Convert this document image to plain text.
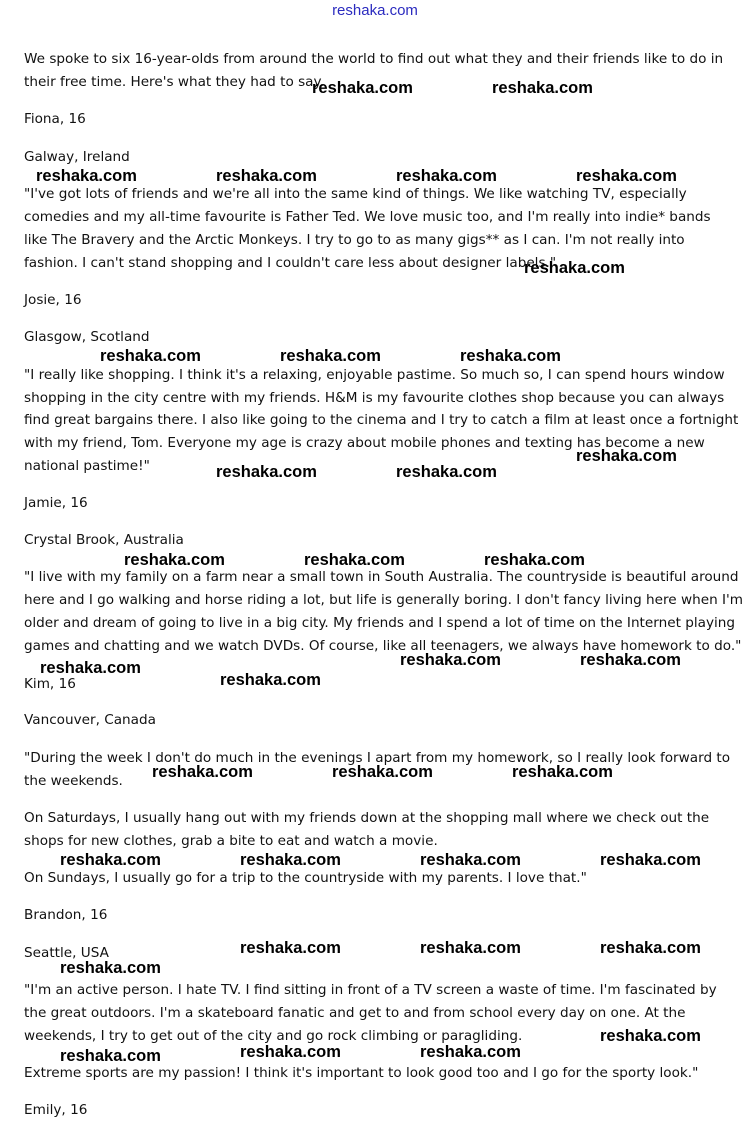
reshaka.com
We spoke to six 16-year-olds from around the world to find out what they and their friends like to do in
their free time. Here's what they had to say.
Fiona, 16
Galway, Ireland
"I've got lots of friends and we're all into the same kind of things. We like watching TV, especially
comedies and my all-time favourite is Father Ted. We love music too, and I'm really into indie* bands
like The Bravery and the Arctic Monkeys. I try to go to as many gigs** as I can. I'm not really into
fashion. I can't stand shopping and I couldn't care less about designer labels."
Josie, 16
Glasgow, Scotland
"I really like shopping. I think it's a relaxing, enjoyable pastime. So much so, I can spend hours window
shopping in the city centre with my friends. H&M is my favourite clothes shop because you can always
find great bargains there. I also like going to the cinema and I try to catch a film at least once a fortnight
with my friend, Tom. Everyone my age is crazy about mobile phones and texting has become a new
national pastime!"
Jamie, 16
Crystal Brook, Australia
"I live with my family on a farm near a small town in South Australia. The countryside is beautiful around
here and I go walking and horse riding a lot, but life is generally boring. I don't fancy living here when I'm
older and dream of going to live in a big city. My friends and I spend a lot of time on the Internet playing
games and chatting and we watch DVDs. Of course, like all teenagers, we always have homework to do."
Kim, 16
Vancouver, Canada
"During the week I don't do much in the evenings I apart from my homework, so I really look forward to
the weekends.
On Saturdays, I usually hang out with my friends down at the shopping mall where we check out the
shops for new clothes, grab a bite to eat and watch a movie.
On Sundays, I usually go for a trip to the countryside with my parents. I love that."
Brandon, 16
Seattle, USA
"I'm an active person. I hate TV. I find sitting in front of a TV screen a waste of time. I'm fascinated by
the great outdoors. I'm a skateboard fanatic and get to and from school every day on one. At the
weekends, I try to get out of the city and go rock climbing or paragliding.
Extreme sports are my passion! I think it's important to look good too and I go for the sporty look."
Emily, 16
reshaka.com	reshaka.com
reshaka.com	reshaka.com	reshaka.com	reshaka.com
reshaka.com
reshaka.com	reshaka.com	reshaka.com
reshaka.com
reshaka.com	reshaka.com
reshaka.com	reshaka.com	reshaka.com
reshaka.com	reshaka.com
reshaka.com
reshaka.com
reshaka.com	reshaka.com	reshaka.com
reshaka.com	reshaka.com	reshaka.com	reshaka.com
reshaka.com	reshaka.com	reshaka.com
reshaka.com
reshaka.com
reshaka.com	reshaka.com
reshaka.com
